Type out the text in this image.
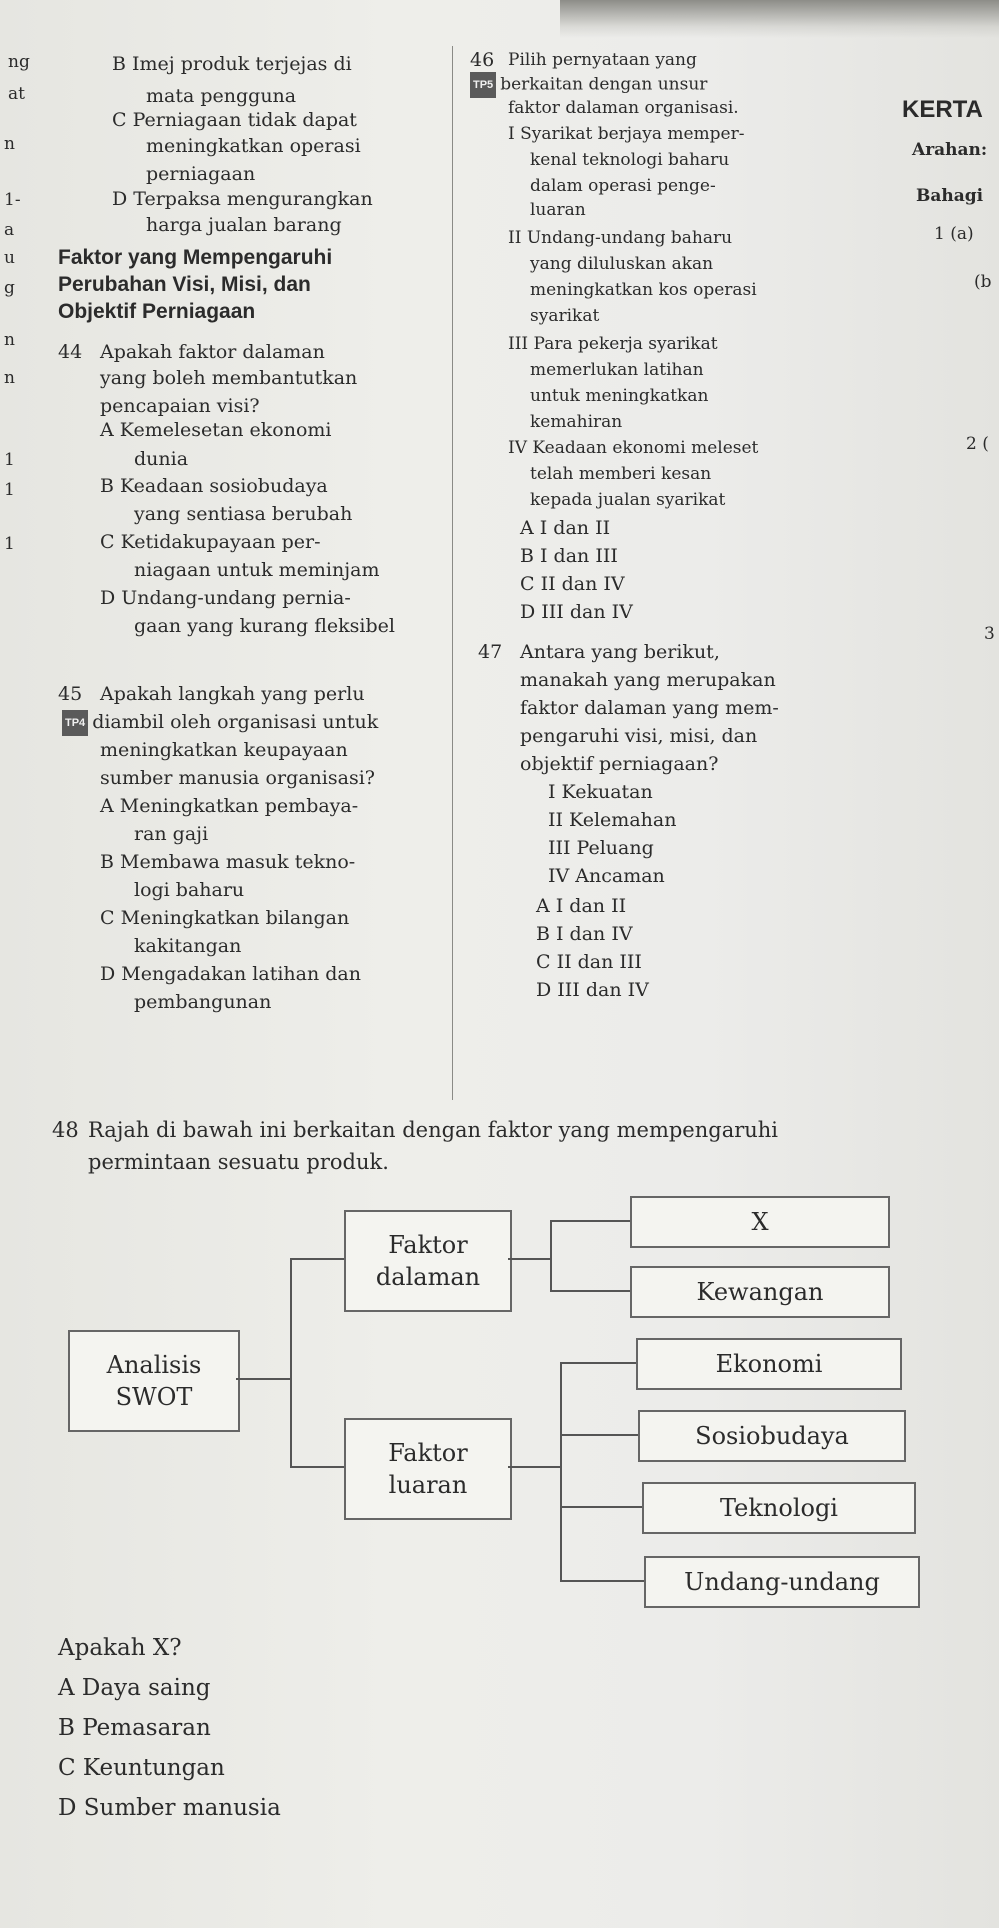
ng
at
n
1-
a
u
g
n
n
1
1
1
B Imej produk terjejas di
mata pengguna
C Perniagaan tidak dapat
meningkatkan operasi
perniagaan
D Terpaksa mengurangkan
harga jualan barang
Faktor yang Mempengaruhi
Perubahan Visi, Misi, dan
Objektif Perniagaan
44 Apakah faktor dalaman
yang boleh membantutkan
pencapaian visi?
A Kemelesetan ekonomi
dunia
B Keadaan sosiobudaya
yang sentiasa berubah
C Ketidakupayaan per-
niagaan untuk meminjam
D Undang-undang pernia-
gaan yang kurang fleksibel
45 Apakah langkah yang perlu
TP4 diambil oleh organisasi untuk
meningkatkan keupayaan
sumber manusia organisasi?
A Meningkatkan pembaya-
ran gaji
B Membawa masuk tekno-
logi baharu
C Meningkatkan bilangan
kakitangan
D Mengadakan latihan dan
pembangunan
46 Pilih pernyataan yang
TP5 berkaitan dengan unsur
faktor dalaman organisasi.
I Syarikat berjaya memper-
kenal teknologi baharu
dalam operasi penge-
luaran
II Undang-undang baharu
yang diluluskan akan
meningkatkan kos operasi
syarikat
III Para pekerja syarikat
memerlukan latihan
untuk meningkatkan
kemahiran
IV Keadaan ekonomi meleset
telah memberi kesan
kepada jualan syarikat
A I dan II
B I dan III
C II dan IV
D III dan IV
47 Antara yang berikut,
manakah yang merupakan
faktor dalaman yang mem-
pengaruhi visi, misi, dan
objektif perniagaan?
I Kekuatan
II Kelemahan
III Peluang
IV Ancaman
A I dan II
B I dan IV
C II dan III
D III dan IV
KERTA
Arahan:
Bahagi
1 (a)
(b
2 (
3
48 Rajah di bawah ini berkaitan dengan faktor yang mempengaruhi
permintaan sesuatu produk.
Analisis
SWOT
Faktor
dalaman
Faktor
luaran
X
Kewangan
Ekonomi
Sosiobudaya
Teknologi
Undang-undang
Apakah X?
A Daya saing
B Pemasaran
C Keuntungan
D Sumber manusia
